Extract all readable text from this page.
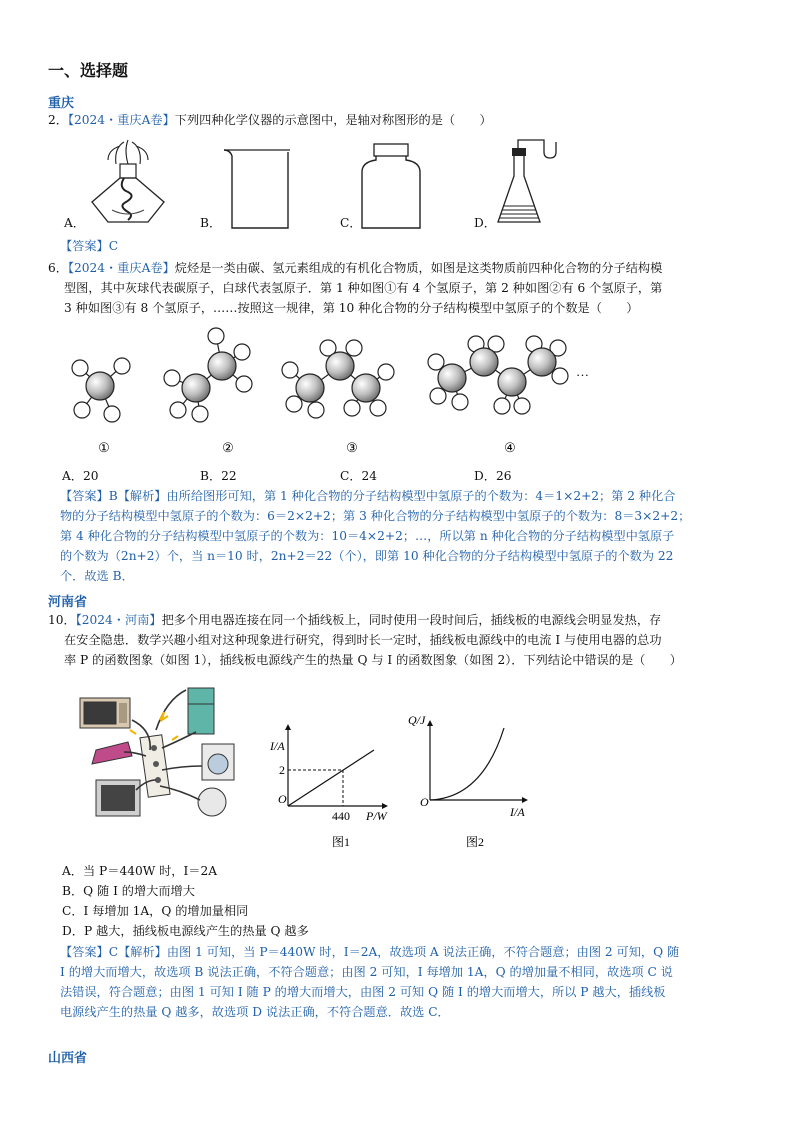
一、选择题
重庆
2．【2024・重庆A卷】下列四种化学仪器的示意图中，是轴对称图形的是（　　）
A．	B．	C．	D．
【答案】C
6．【2024・重庆A卷】烷烃是一类由碳、氢元素组成的有机化合物质，如图是这类物质前四种化合物的分子结构模
型图，其中灰球代表碳原子，白球代表氢原子．第 1 种如图①有 4 个氢原子，第 2 种如图②有 6 个氢原子，第
3 种如图③有 8 个氢原子，……按照这一规律，第 10 种化合物的分子结构模型中氢原子的个数是（　　）
…
①	②	③	④
A．20	B．22	C．24	D．26
【答案】B【解析】由所给图形可知，第 1 种化合物的分子结构模型中氢原子的个数为：4＝1×2+2；第 2 种化合
物的分子结构模型中氢原子的个数为：6＝2×2+2；第 3 种化合物的分子结构模型中氢原子的个数为：8＝3×2+2；
第 4 种化合物的分子结构模型中氢原子的个数为：10＝4×2+2；…，所以第 n 种化合物的分子结构模型中氢原子
的个数为（2n+2）个，当 n＝10 时，2n+2＝22（个），即第 10 种化合物的分子结构模型中氢原子的个数为 22
个．故选 B．
河南省
10．【2024・河南】把多个用电器连接在同一个插线板上，同时使用一段时间后，插线板的电源线会明显发热，存
在安全隐患．数学兴趣小组对这种现象进行研究，得到时长一定时，插线板电源线中的电流 I 与使用电器的总功
率 P 的函数图象（如图 1），插线板电源线产生的热量 Q 与 I 的函数图象（如图 2）．下列结论中错误的是（　　）
I/A
P/W
O
440
2
图1
Q/J
I/A
O
图2
A．当 P＝440W 时，I＝2A
B．Q 随 I 的增大而增大
C．I 每增加 1A，Q 的增加量相同
D．P 越大，插线板电源线产生的热量 Q 越多
【答案】C【解析】由图 1 可知，当 P＝440W 时，I＝2A，故选项 A 说法正确，不符合题意；由图 2 可知，Q 随
I 的增大而增大，故选项 B 说法正确，不符合题意；由图 2 可知，I 每增加 1A，Q 的增加量不相同，故选项 C 说
法错误，符合题意；由图 1 可知 I 随 P 的增大而增大，由图 2 可知 Q 随 I 的增大而增大，所以 P 越大，插线板
电源线产生的热量 Q 越多，故选项 D 说法正确，不符合题意．故选 C．
山西省
